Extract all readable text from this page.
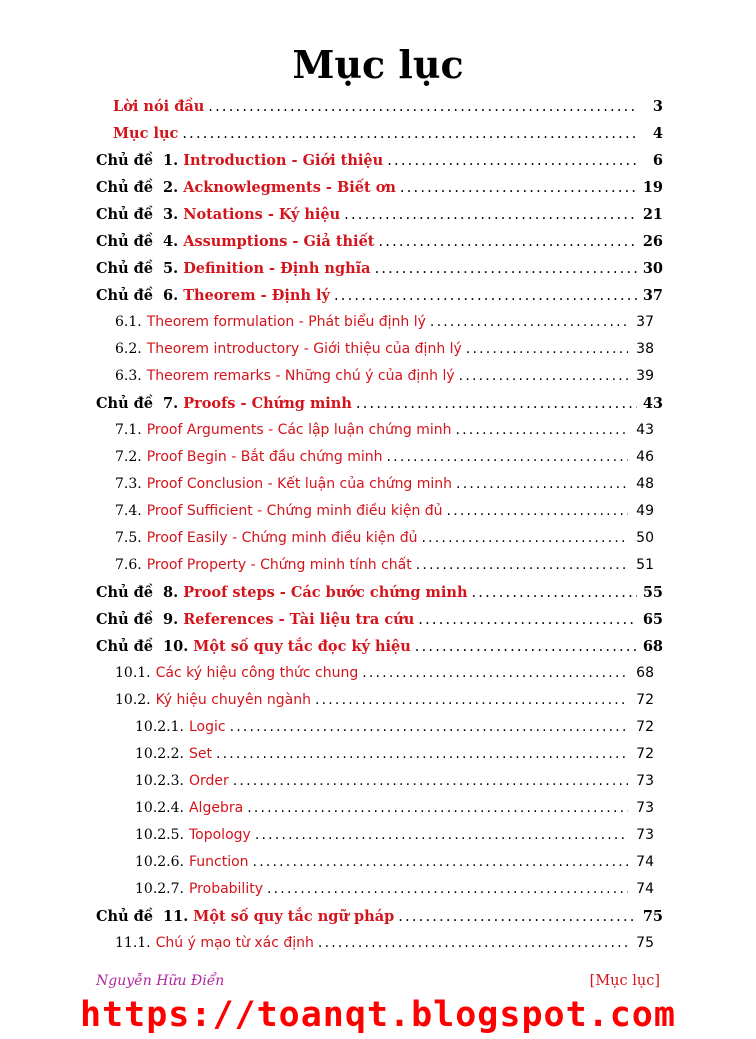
Mục lục
Lời nói đầu .....	3
Mục lục .....	4
Chủ đề 1. Introduction - Giới thiệu .....	6
Chủ đề 2. Acknowlegments - Biết ơn .....	19
Chủ đề 3. Notations - Ký hiệu .....	21
Chủ đề 4. Assumptions - Giả thiết .....	26
Chủ đề 5. Definition - Định nghĩa .....	30
Chủ đề 6. Theorem - Định lý .....	37
6.1. Theorem formulation - Phát biểu định lý .....	37
6.2. Theorem introductory - Giới thiệu của định lý .....	38
6.3. Theorem remarks - Những chú ý của định lý .....	39
Chủ đề 7. Proofs - Chứng minh .....	43
7.1. Proof Arguments - Các lập luận chứng minh .....	43
7.2. Proof Begin - Bắt đầu chứng minh .....	46
7.3. Proof Conclusion - Kết luận của chứng minh .....	48
7.4. Proof Sufficient - Chứng minh điều kiện đủ .....	49
7.5. Proof Easily - Chứng minh điều kiện đủ .....	50
7.6. Proof Property - Chứng minh tính chất .....	51
Chủ đề 8. Proof steps - Các bước chứng minh .....	55
Chủ đề 9. References - Tài liệu tra cứu .....	65
Chủ đề 10. Một số quy tắc đọc ký hiệu .....	68
10.1. Các ký hiệu công thức chung .....	68
10.2. Ký hiệu chuyên ngành .....	72
10.2.1. Logic .....	72
10.2.2. Set .....	72
10.2.3. Order .....	73
10.2.4. Algebra .....	73
10.2.5. Topology .....	73
10.2.6. Function .....	74
10.2.7. Probability .....	74
Chủ đề 11. Một số quy tắc ngữ pháp .....	75
11.1. Chú ý mạo từ xác định .....	75
Nguyễn Hữu Điển	[Mục lục]
https://toanqt.blogspot.com
